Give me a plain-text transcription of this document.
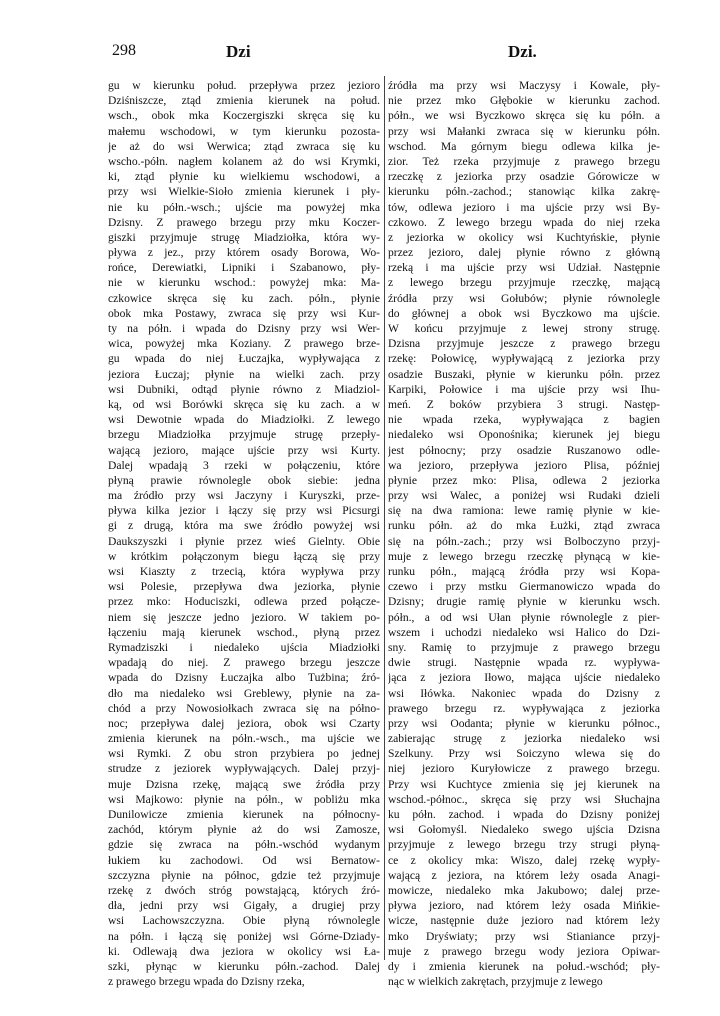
298	Dzi	Dzi.
gu w kierunku połud. przepływa przez jezioro
Dziśniszcze, ztąd zmienia kierunek na połud.
wsch., obok mka Koczergiszki skręca się ku
małemu wschodowi, w tym kierunku pozosta-
je aż do wsi Werwica; ztąd zwraca się ku
wscho.-półn. nagłem kolanem aż do wsi Krymki,
ki, ztąd płynie ku wielkiemu wschodowi, a
przy wsi Wielkie-Sioło zmienia kierunek i pły-
nie ku półn.-wsch.; ujście ma powyżej mka
Dzisny. Z prawego brzegu przy mku Koczer-
giszki przyjmuje strugę Miadziołka, która wy-
pływa z jez., przy którem osady Borowa, Wo-
rońce, Derewiatki, Lipniki i Szabanowo, pły-
nie w kierunku wschod.: powyżej mka: Ma-
czkowice skręca się ku zach. półn., płynie
obok mka Postawy, zwraca się przy wsi Kur-
ty na półn. i wpada do Dzisny przy wsi Wer-
wica, powyżej mka Koziany. Z prawego brze-
gu wpada do niej Łuczajka, wypływająca z
jeziora Łuczaj; płynie na wielki zach. przy
wsi Dubniki, odtąd płynie równo z Miadziol-
ką, od wsi Borówki skręca się ku zach. a w
wsi Dewotnie wpada do Miadziołki. Z lewego
brzegu Miadziołka przyjmuje strugę przepły-
wającą jezioro, mające ujście przy wsi Kurty.
Dalej wpadają 3 rzeki w połączeniu, które
płyną prawie równolegle obok siebie: jedna
ma źródło przy wsi Jaczyny i Kuryszki, prze-
pływa kilka jezior i łączy się przy wsi Picsurgi
gi z drugą, która ma swe źródło powyżej wsi
Daukszyszki i płynie przez wieś Gielnty. Obie
w krótkim połączonym biegu łączą się przy
wsi Kiaszty z trzecią, która wypływa przy
wsi Polesie, przepływa dwa jeziorka, płynie
przez mko: Hoduciszki, odlewa przed połącze-
niem się jeszcze jedno jezioro. W takiem po-
łączeniu mają kierunek wschod., płyną przez
Rymadziszki i niedaleko ujścia Miadziołki
wpadają do niej. Z prawego brzegu jeszcze
wpada do Dzisny Łuczajka albo Tużbina; źró-
dło ma niedaleko wsi Greblewy, płynie na za-
chód a przy Nowosiołkach zwraca się na półno-
noc; przepływa dalej jeziora, obok wsi Czarty
zmienia kierunek na półn.-wsch., ma ujście we
wsi Rymki. Z obu stron przybiera po jednej
strudze z jeziorek wypływających. Dalej przyj-
muje Dzisna rzekę, mającą swe źródła przy
wsi Majkowo: płynie na półn., w pobliżu mka
Dunilowicze zmienia kierunek na północny-
zachód, którym płynie aż do wsi Zamosze,
gdzie się zwraca na półn.-wschód wydanym
łukiem ku zachodowi. Od wsi Bernatow-
szczyzna płynie na północ, gdzie też przyjmuje
rzekę z dwóch stróg powstającą, których źró-
dła, jedni przy wsi Gigały, a drugiej przy
wsi Lachowszczyzna. Obie płyną równolegle
na półn. i łączą się poniżej wsi Górne-Dziady-
ki. Odlewają dwa jeziora w okolicy wsi Ła-
szki, płynąc w kierunku półn.-zachod. Dalej
z prawego brzegu wpada do Dzisny rzeka,
źródła ma przy wsi Maczysy i Kowale, pły-
nie przez mko Głębokie w kierunku zachod.
półn., we wsi Byczkowo skręca się ku półn. a
przy wsi Małanki zwraca się w kierunku półn.
wschod. Ma górnym biegu odlewa kilka je-
zior. Też rzeka przyjmuje z prawego brzegu
rzeczkę z jeziorka przy osadzie Górowicze w
kierunku półn.-zachod.; stanowiąc kilka zakrę-
tów, odlewa jezioro i ma ujście przy wsi By-
czkowo. Z lewego brzegu wpada do niej rzeka
z jeziorka w okolicy wsi Kuchtyńskie, płynie
przez jezioro, dalej płynie równo z główną
rzeką i ma ujście przy wsi Udział. Następnie
z lewego brzegu przyjmuje rzeczkę, mającą
źródła przy wsi Gołubów; płynie równolegle
do głównej a obok wsi Byczkowo ma ujście.
W końcu przyjmuje z lewej strony strugę.
Dzisna przyjmuje jeszcze z prawego brzegu
rzekę: Połowicę, wypływającą z jeziorka przy
osadzie Buszaki, płynie w kierunku półn. przez
Karpiki, Połowice i ma ujście przy wsi Ihu-
meń. Z boków przybiera 3 strugi. Następ-
nie wpada rzeka, wypływająca z bagien
niedaleko wsi Oponośnika; kierunek jej biegu
jest północny; przy osadzie Ruszanowo odle-
wa jezioro, przepływa jezioro Plisa, później
płynie przez mko: Plisa, odlewa 2 jeziorka
przy wsi Walec, a poniżej wsi Rudaki dzieli
się na dwa ramiona: lewe ramię płynie w kie-
runku półn. aż do mka Łużki, ztąd zwraca
się na półn.-zach.; przy wsi Bolboczyno przyj-
muje z lewego brzegu rzeczkę płynącą w kie-
runku półn., mającą źródła przy wsi Kopa-
czewo i przy mstku Giermanowiczo wpada do
Dzisny; drugie ramię płynie w kierunku wsch.
półn., a od wsi Ułan płynie równolegle z pier-
wszem i uchodzi niedaleko wsi Halico do Dzi-
sny. Ramię to przyjmuje z prawego brzegu
dwie strugi. Następnie wpada rz. wypływa-
jąca z jeziora Iłowo, mająca ujście niedaleko
wsi Iłówka. Nakoniec wpada do Dzisny z
prawego brzegu rz. wypływająca z jeziorka
przy wsi Oodanta; płynie w kierunku północ.,
zabierając strugę z jeziorka niedaleko wsi
Szelkuny. Przy wsi Soiczyno wlewa się do
niej jezioro Kuryłowicze z prawego brzegu.
Przy wsi Kuchtyce zmienia się jej kierunek na
wschod.-północ., skręca się przy wsi Słuchajna
ku półn. zachod. i wpada do Dzisny poniżej
wsi Gołomyśl. Niedaleko swego ujścia Dzisna
przyjmuje z lewego brzegu trzy strugi płyną-
ce z okolicy mka: Wiszo, dalej rzekę wypły-
wającą z jeziora, na którem leży osada Anagi-
mowicze, niedaleko mka Jakubowo; dalej prze-
pływa jezioro, nad którem leży osada Mińkie-
wicze, następnie duże jezioro nad którem leży
mko Dryświaty; przy wsi Stianiance przyj-
muje z prawego brzegu wody jeziora Opiwar-
dy i zmienia kierunek na połud.-wschód; pły-
nąc w wielkich zakrętach, przyjmuje z lewego
